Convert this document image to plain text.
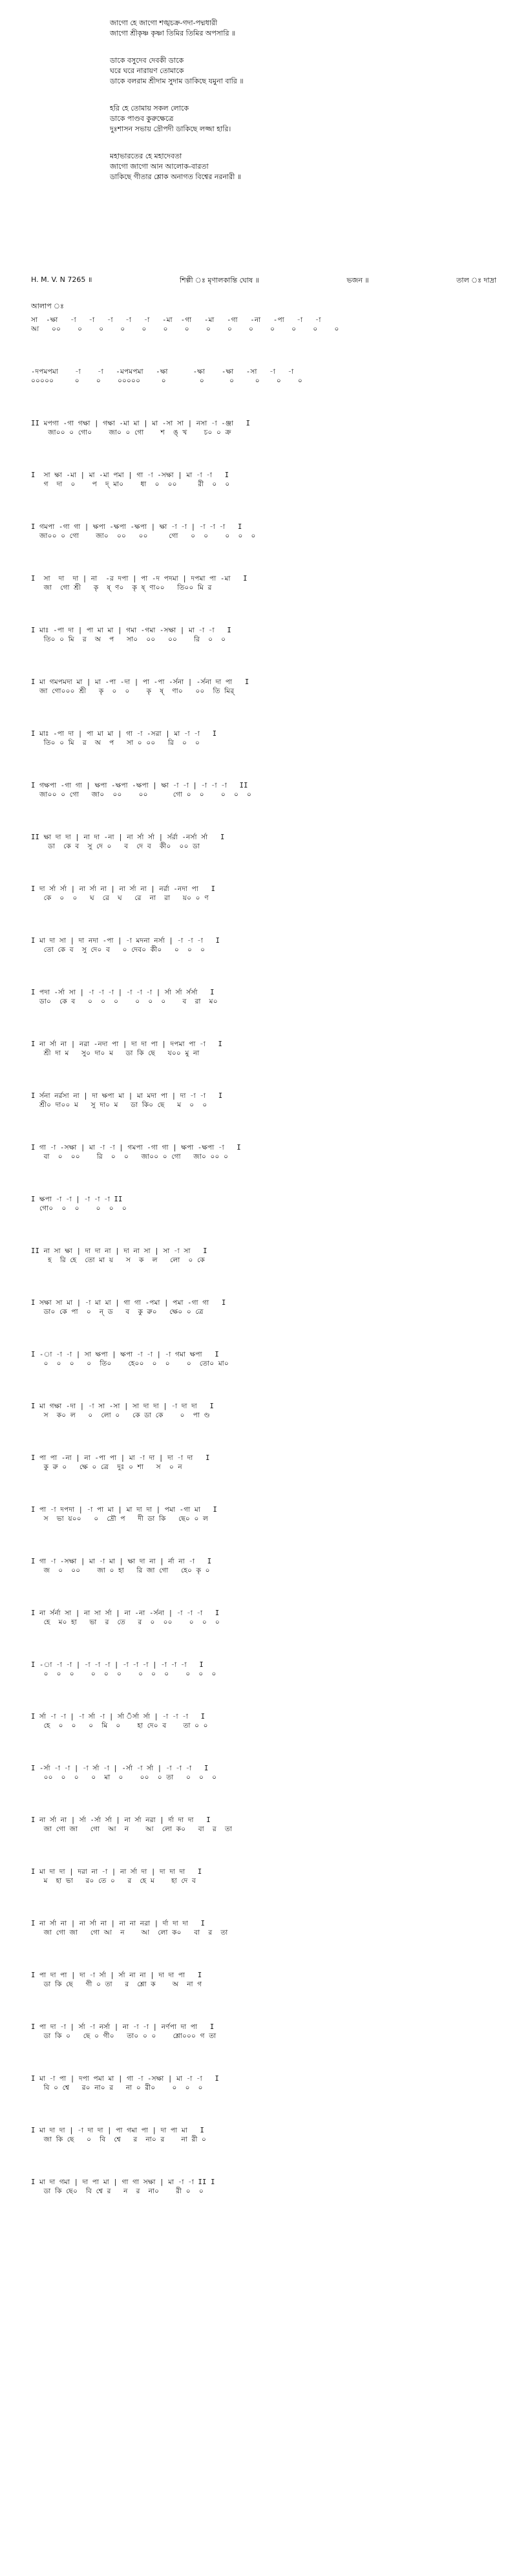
জাগো হে জাগো শঙ্খচক্র-গদা-পদ্মধারী
জাগো শ্রীকৃষ্ণ কৃষ্ণা তিমির তিমির অপসারি ॥
ডাকে বসুদেব দেবকী ডাকে
ঘরে ঘরে নারায়ণ তোমাকে
ডাকে বলরাম শ্রীদাম সুদাম ডাকিছে যমুনা বারি ॥
হরি হে তোমায় সকল লোকে
ডাকে পাণ্ডব কুরুক্ষেত্রে
দুঃশাসন সভায় দ্রৌপদী ডাকিছে লজ্জা হারি।
মহাভারতের হে মহাদেবতা
জাগো জাগো আন আলোক-বারতা
ডাকিছে গীতার শ্লোক অনাগত বিশ্বের নরনারী ॥
H. M. V. N 7265 ॥	শিল্পী ঃ মৃণালকান্তি ঘোষ ॥	ভজন ॥	তাল ঃ দাদ্রা
আলাপ ঃ
সা  -ক্ষা   -া   -া   -া   -া   -া   -মা  -গা   -মা   -গা   -না   -পা   -া   -া
আ   ০০    ০    ০    ০    ০    ০    ০    ০    ০    ০    ০    ০    ০    ০
-দপমপমা    -া    -া   -মপমপমা   -ক্ষা      -ক্ষা    -ক্ষা   -সা   -া   -া
০০০০০     ০    ০    ০০০০০     ০        ০      ০     ০    ০    ০
II মপগা -গা গক্ষা | গক্ষা -মা মা | মা -সা সা | নসা -া -ঞ্জা   I
জা০০ ০ গো০    জা০ ০ গো    শ  ঙ্ খ    চ০ ০ ক্র
I  সা ক্ষা -মা | মা -মা পমা | গা -া -সক্ষা | মা -া -া   I
গ  দা  ০    প  দ্ মা০    ধা  ০  ০০     রী  ০  ০
I গমপা -গা গা | ক্ষপা -ক্ষপা -ক্ষপা | ক্ষা -া -া | -া -া -া   I
জা০০ ০ গো    জা০  ০০   ০০     গো   ০  ০    ০  ০  ০
I  সা  দা  দা | না  -র দপা | পা -দ পদমা | দপমা পা -মা   I
জা  গো শ্রী   কৃ  ষ্ ণ০  কৃ ষ্ ণা০০   তি০০ মি র
I মাঃ -পা দা | পা মা মা | গমা -গমা -সক্ষা | মা -া -া   I
তি০ ০ মি  র  অ  প   সা০  ০০   ০০    রি  ০  ০
I মা গমপমদা মা | মা -পা -দা | পা -পা -র্সনা | -র্সনা দা পা   I
জা গো০০০ শ্রী   কৃ  ০  ০    কৃ  ষ্  ণা০   ০০  তি মির্
I মাঃ -পা দা | পা মা মা | গা -া -সরা | মা -া -া   I
তি০ ০ মি  র  অ  প   সা ০ ০০   রি  ০  ০
I গক্ষপা -গা গা | ক্ষপা -ক্ষপা -ক্ষপা | ক্ষা -া -া | -া -া -া   II
জা০০ ০ গো   জা০  ০০    ০০      গো ০  ০    ০  ০  ০
II ক্ষা দা দা | না দা -না | না র্সা র্সা | র্সর্রা -নর্সা র্সা   I
ডা  কে ব  সু দে ০   ব  দে ব  কী০  ০০ ডা
I দা র্সা র্সা | না র্সা না | না র্সা না | নর্রা -নদা পা   I
কে  ০  ০   ঘ  রে  ঘ   রে  না  রা   য়০ ০ ণ
I মা দা সা | দা নদা -পা | -া মদনা নর্সা | -া -া -া   I
তো কে ব  সু দে০ ব   ০ দেব০ কী০   ০  ০  ০
I পদা -র্সা সা | -া -া -া | -া -া -া | র্সা র্সা র্সর্সা   I
ডা০  কে ব   ০  ০  ০    ০  ০  ০    ব  রা  ম০
I না র্সা না | নরা -নদা পা | দা দা পা | দপমা পা -া   I
শ্রী দা ম   সু০ দা০ ম   ডা কি ছে   য০০ মু না
I র্সনা নর্রসা না | দা ক্ষপা মা | মা মদা পা | দা -া -া   I
শ্রী০ দা০০ ম   সু দা০ ম   ডা কি০ ছে   ম  ০  ০
I গা -া -সক্ষা | মা -া -া | গমপা -গা গা | ক্ষপা -ক্ষপা -া   I
বা  ০  ০০    রি  ০  ০   জা০০ ০ গো   জা০ ০০ ০
I ক্ষপা -া -া | -া -া -া II
গো০  ০  ০    ০  ০  ০
II না সা ক্ষা | দা দা না | দা না সা | সা -া সা   I
হ  রি হে  তো মা য়   স  ক  ল   লো  ০ কে
I সক্ষা সা মা | -া মা মা | গা গা -পমা | পমা -গা গা   I
ডা০ কে পা  ০  ন্ ড   ব  কু রু০   ক্ষে০ ০ ত্রে
I -া -া -া | সা ক্ষপা | ক্ষপা -া -া | -া গমা ক্ষপা   I
০  ০  ০   ০  তি০    হে০০  ০  ০    ০  তো০ মা০
I মা গক্ষা -দা | -া সা -সা | সা দা দা | -া দা দা   I
স  ক০ ল   ০  লো ০   কে ডা কে    ০  পা ণ্ড
I পা পা -না | না -পা পা | মা -া দা | দা -া দা   I
কু রু ০   ক্ষে ০ ত্রে  দুঃ ০ শা   স  ০ ন
I পা -া দপদা | -া পা মা | মা দা দা | পমা -গা মা   I
স  ভা য়০০   ০  দ্রৌ প   দী ডা কি   ছে০ ০ ল
I গা -া -সক্ষা | মা -া মা | ক্ষা দা না | র্না না -া   I
জ  ০  ০০    জা ০ হা   রি জা গো   হে০ কৃ ০
I না র্সর্না সা | না সা র্সা | না -না -র্সনা | -া -া -া   I
হে  ম০ হা   ভা  র  তে   র  ০  ০০    ০  ০  ০
I -া -া -া | -া -া -া | -া -া -া | -া -া -া   I
০  ০  ০    ০  ০  ০    ০  ০  ০    ০  ০  ০
I র্সা -া -া | -া র্সা -া | র্সা ঁর্সা র্সা | -া -া -া   I
হে  ০  ০   ০  মি  ০    হা দে০ ব    তা ০ ০
I -র্সা -া -া | -া র্সা -া | -র্সা -া র্সা | -া -া -া   I
০০  ০  ০   ০  মা  ০    ০০  ০ তা   ০  ০  ০
I না র্সা না | র্সা -র্সা র্সা | না র্সা নরা | র্দা দা দা   I
জা গো জা   গো  আ  ন    আ  লো ক০   বা  র  তা
I মা দা দা | দরা না -া | না র্সা দা | দা দা দা   I
ম  হা ভা   র০ তে ০   র  হে ম    হা দে ব
I না র্সা না | না র্সা না | না না নরা | র্দা দা দা   I
জা গো জা   গো আ  ন    আ  লো ক০   বা  র  তা
I পা দা পা | দা -া র্সা | র্সা না না | দা দা পা   I
ডা কি ছে   গী ০ তা   র  শ্লো ক    অ  না গ
I পা দা -া | র্সা -া নর্সা | না -া -া | নর্ণপা দা পা   I
ডা কি ০   ছে ০ গী০   তা০ ০ ০    শ্লো০০০ গ তা
I মা -া পা | দপা পমা মা | গা -া -সক্ষা | মা -া -া   I
বি ০ শ্বে   র০ না০ র   না ০ রী০    ০  ০  ০
I মা দা দা | -া দা দা | পা গমা পা | দা পা মা   I
জা কি ছে   ০  বি  শ্বে   র  না০ র    না রী ০
I মা দা গমা | দা পা মা | গা গা সক্ষা | মা -া -া II I
ডা কি ছে০  বি শ্বে র   ন  র  না০    রী ০  ০
